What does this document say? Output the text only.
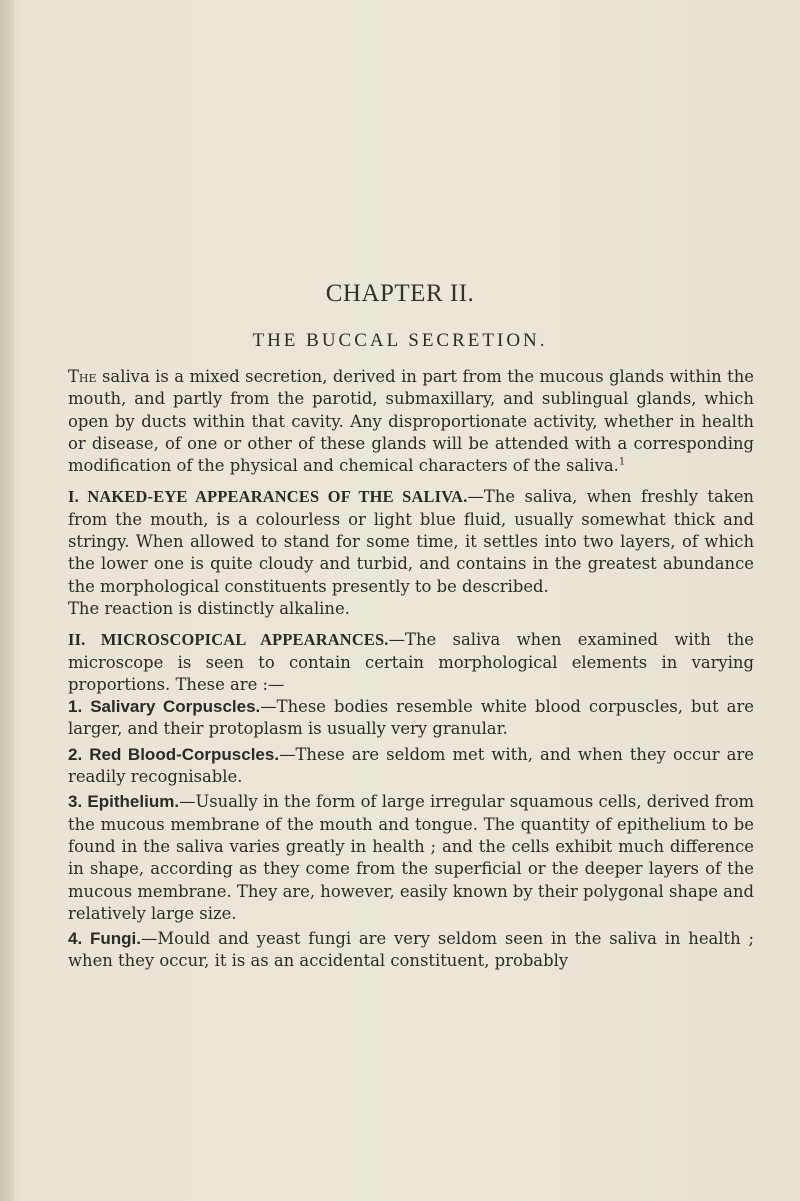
CHAPTER II.
THE BUCCAL SECRETION.

The saliva is a mixed secretion, derived in part from the mucous glands within the mouth, and partly from the parotid, submaxillary, and sublingual glands, which open by ducts within that cavity. Any disproportionate activity, whether in health or disease, of one or other of these glands will be attended with a corresponding modification of the physical and chemical characters of the saliva.$^1$

I. NAKED-EYE APPEARANCES OF THE SALIVA.—The saliva, when freshly taken from the mouth, is a colourless or light blue fluid, usually somewhat thick and stringy. When allowed to stand for some time, it settles into two layers, of which the lower one is quite cloudy and turbid, and contains in the greatest abundance the morphological constituents presently to be described.

The reaction is distinctly alkaline.

II. MICROSCOPICAL APPEARANCES.—The saliva when examined with the microscope is seen to contain certain morphological elements in varying proportions. These are :—

1. Salivary Corpuscles.—These bodies resemble white blood corpuscles, but are larger, and their protoplasm is usually very granular.

2. Red Blood-Corpuscles.—These are seldom met with, and when they occur are readily recognisable.

3. Epithelium.—Usually in the form of large irregular squamous cells, derived from the mucous membrane of the mouth and tongue. The quantity of epithelium to be found in the saliva varies greatly in health ; and the cells exhibit much difference in shape, according as they come from the superficial or the deeper layers of the mucous membrane. They are, however, easily known by their polygonal shape and relatively large size.

4. Fungi.—Mould and yeast fungi are very seldom seen in the saliva in health ; when they occur, it is as an accidental constituent, probably
